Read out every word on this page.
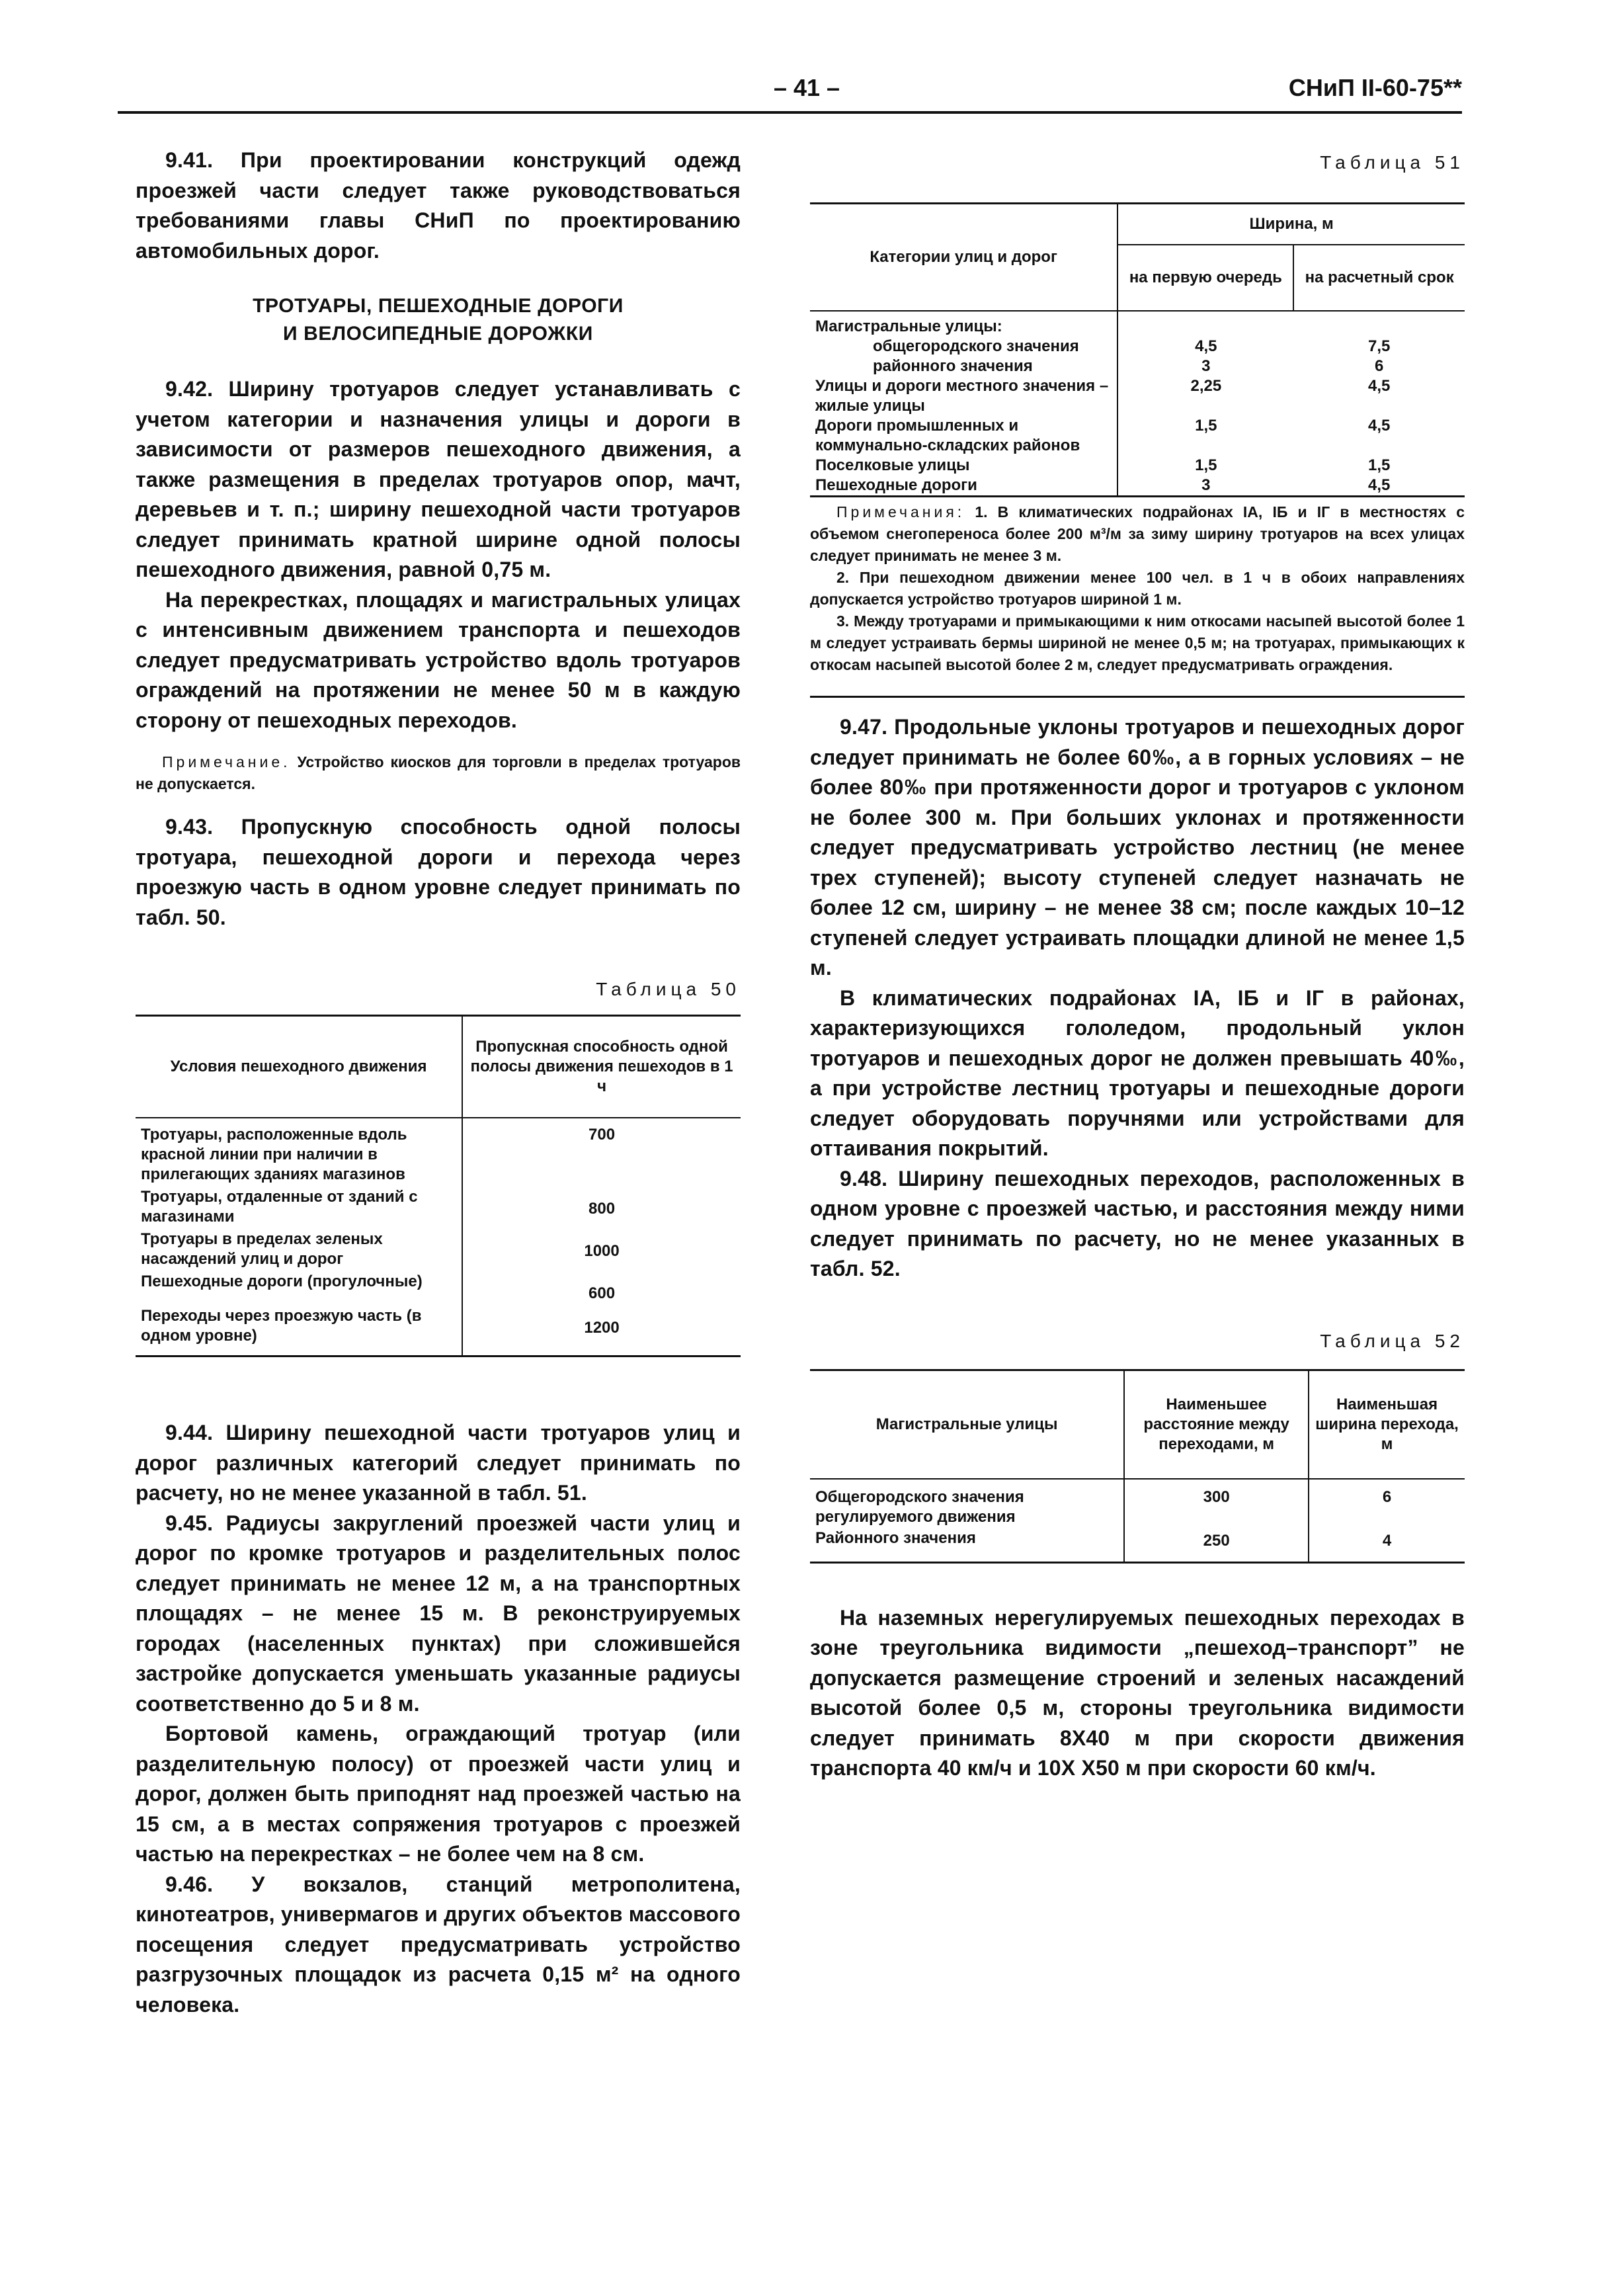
– 41 –	СНиП II-60-75**

9.41. При проектировании конструкций одежд проезжей части следует также руководствоваться требованиями главы СНиП по проектированию автомобильных дорог.

ТРОТУАРЫ, ПЕШЕХОДНЫЕ ДОРОГИ
И ВЕЛОСИПЕДНЫЕ ДОРОЖКИ

9.42. Ширину тротуаров следует устанавливать с учетом категории и назначения улицы и дороги в зависимости от размеров пешеходного движения, а также размещения в пределах тротуаров опор, мачт, деревьев и т. п.; ширину пешеходной части тротуаров следует принимать кратной ширине одной полосы пешеходного движения, равной 0,75 м.

На перекрестках, площадях и магистральных улицах с интенсивным движением транспорта и пешеходов следует предусматривать устройство вдоль тротуаров ограждений на протяжении не менее 50 м в каждую сторону от пешеходных переходов.

Примечание. Устройство киосков для торговли в пределах тротуаров не допускается.

9.43. Пропускную способность одной полосы тротуара, пешеходной дороги и перехода через проезжую часть в одном уровне следует принимать по табл. 50.

Таблица 50
Условия пешеходного движения	Пропускная способность одной полосы движения пешеходов в 1 ч
Тротуары, расположенные вдоль красной линии при наличии в прилегающих зданиях магазинов	700
Тротуары, отдаленные от зданий с магазинами	800
Тротуары в пределах зеленых насаждений улиц и дорог	1000
Пешеходные дороги (прогулочные)	600
Переходы через проезжую часть (в одном уровне)	1200

9.44. Ширину пешеходной части тротуаров улиц и дорог различных категорий следует принимать по расчету, но не менее указанной в табл. 51.

9.45. Радиусы закруглений проезжей части улиц и дорог по кромке тротуаров и разделительных полос следует принимать не менее 12 м, а на транспортных площадях – не менее 15 м. В реконструируемых городах (населенных пунктах) при сложившейся застройке допускается уменьшать указанные радиусы соответственно до 5 и 8 м.

Бортовой камень, ограждающий тротуар (или разделительную полосу) от проезжей части улиц и дорог, должен быть приподнят над проезжей частью на 15 см, а в местах сопряжения тротуаров с проезжей частью на перекрестках – не более чем на 8 см.

9.46. У вокзалов, станций метрополитена, кинотеатров, универмагов и других объектов массового посещения следует предусматривать устройство разгрузочных площадок из расчета 0,15 м² на одного человека.

Таблица 51
Категории улиц и дорог	Ширина, м	
	на первую очередь	на расчетный срок
Магистральные улицы:		
общегородского значения	4,5	7,5
районного значения	3	6
Улицы и дороги местного значения – жилые улицы	2,25	4,5
Дороги промышленных и коммунально-складских районов	1,5	4,5
Поселковые улицы	1,5	1,5
Пешеходные дороги	3	4,5

Примечания: 1. В климатических подрайонах IА, IБ и IГ в местностях с объемом снегопереноса более 200 м³/м за зиму ширину тротуаров на всех улицах следует принимать не менее 3 м.

2. При пешеходном движении менее 100 чел. в 1 ч в обоих направлениях допускается устройство тротуаров шириной 1 м.

3. Между тротуарами и примыкающими к ним откосами насыпей высотой более 1 м следует устраивать бермы шириной не менее 0,5 м; на тротуарах, примыкающих к откосам насыпей высотой более 2 м, следует предусматривать ограждения.

9.47. Продольные уклоны тротуаров и пешеходных дорог следует принимать не более 60‰, а в горных условиях – не более 80‰ при протяженности дорог и тротуаров с уклоном не более 300 м. При больших уклонах и протяженности следует предусматривать устройство лестниц (не менее трех ступеней); высоту ступеней следует назначать не более 12 см, ширину – не менее 38 см; после каждых 10–12 ступеней следует устраивать площадки длиной не менее 1,5 м.

В климатических подрайонах IА, IБ и IГ в районах, характеризующихся гололедом, продольный уклон тротуаров и пешеходных дорог не должен превышать 40‰, а при устройстве лестниц тротуары и пешеходные дороги следует оборудовать поручнями или устройствами для оттаивания покрытий.

9.48. Ширину пешеходных переходов, расположенных в одном уровне с проезжей частью, и расстояния между ними следует принимать по расчету, но не менее указанных в табл. 52.

Таблица 52
Магистральные улицы	Наименьшее расстояние между переходами, м	Наименьшая ширина перехода, м
Общегородского значения регулируемого движения	300	6
Районного значения	250	4

На наземных нерегулируемых пешеходных переходах в зоне треугольника видимости „пешеход–транспорт” не допускается размещение строений и зеленых насаждений высотой более 0,5 м, стороны треугольника видимости следует принимать 8Х40 м при скорости движения транспорта 40 км/ч и 10Х Х50 м при скорости 60 км/ч.
